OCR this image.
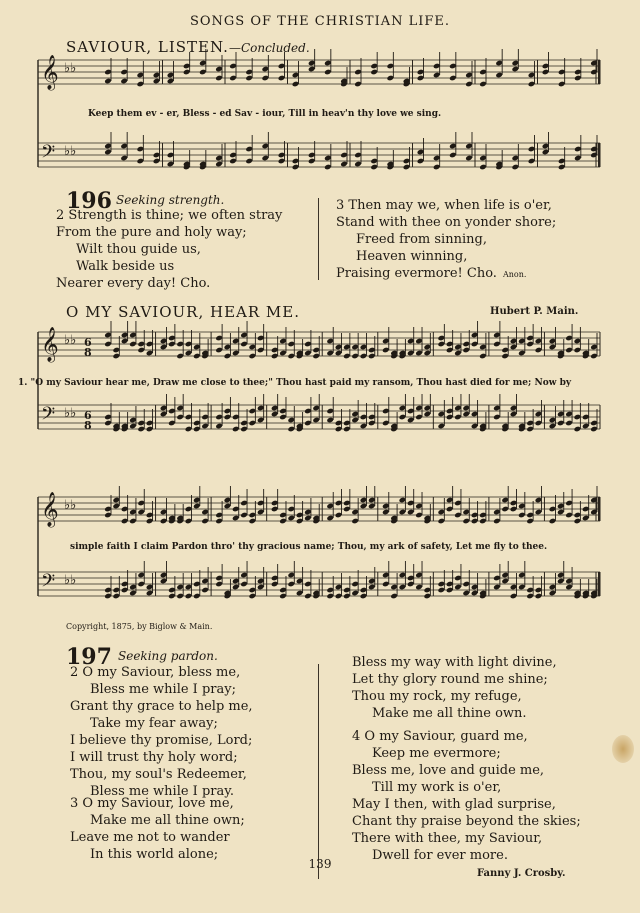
SONGS OF THE CHRISTIAN LIFE.
SAVIOUR, LISTEN.—Concluded.
𝄞 ♭♭
𝄢 ♭♭
𝄞 ♭♭ 6
8
𝄢 ♭♭ 6
8
𝄞 ♭♭
𝄢 ♭♭
Keep them ev - er, Bless - ed Sav - iour, Till in heav'n thy love we sing.
196 Seeking strength.
2 Strength is thine; we often stray
From the pure and holy way;
Wilt thou guide us,
Walk beside us
Nearer every day! Cho.
3 Then may we, when life is o'er,
Stand with thee on yonder shore;
Freed from sinning,
Heaven winning,
Praising evermore! Cho. Anon.
O MY SAVIOUR, HEAR ME.	Hubert P. Main.
1. "O my Saviour hear me, Draw me close to thee;" Thou hast paid my ransom, Thou hast died for me; Now by
simple faith I claim Pardon thro' thy gracious name; Thou, my ark of safety, Let me fly to thee.
Copyright, 1875, by Biglow & Main.
197 Seeking pardon.
2 O my Saviour, bless me,
Bless me while I pray;
Grant thy grace to help me,
Take my fear away;
I believe thy promise, Lord;
I will trust thy holy word;
Thou, my soul's Redeemer,
Bless me while I pray.
3 O my Saviour, love me,
Make me all thine own;
Leave me not to wander
In this world alone;
Bless my way with light divine,
Let thy glory round me shine;
Thou my rock, my refuge,
Make me all thine own.
4 O my Saviour, guard me,
Keep me evermore;
Bless me, love and guide me,
Till my work is o'er,
May I then, with glad surprise,
Chant thy praise beyond the skies;
There with thee, my Saviour,
Dwell for ever more.
Fanny J. Crosby.
139
